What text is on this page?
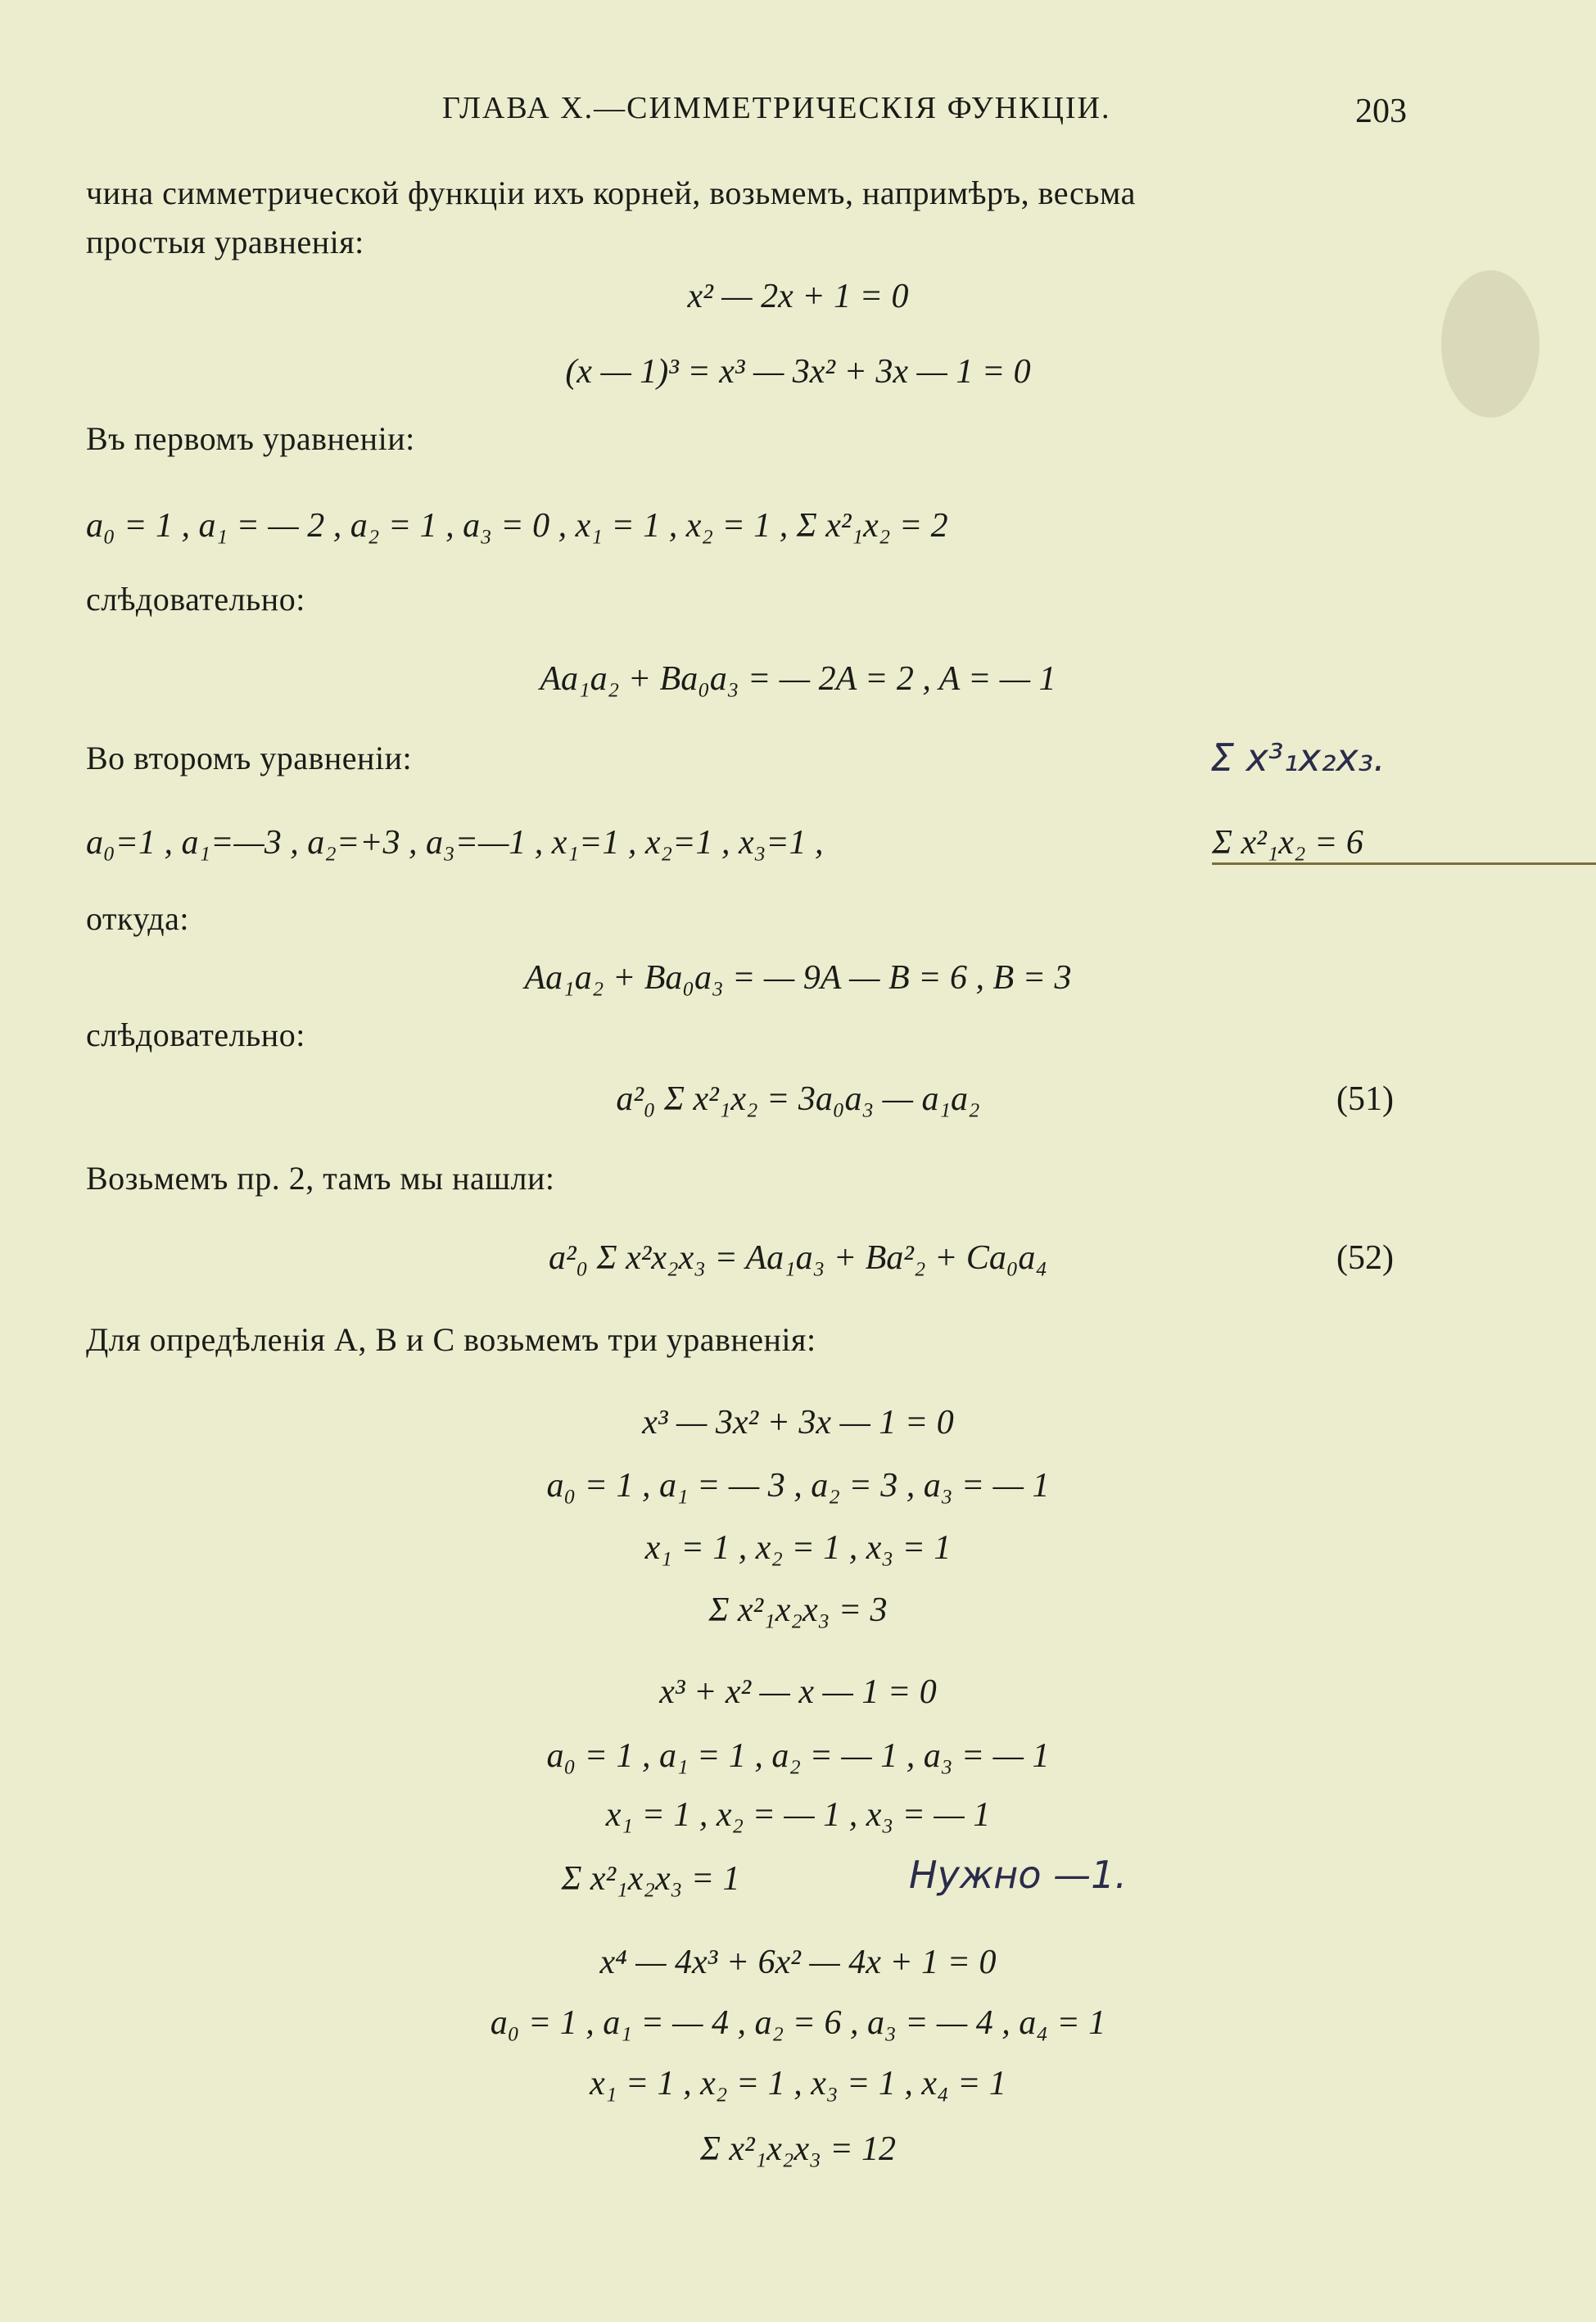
ГЛАВА X.—СИММЕТРИЧЕСКІЯ ФУНКЦІИ.	203
чина симметрической функціи ихъ корней, возьмемъ, напримѣръ, весьма
простыя уравненія:
x² — 2x + 1 = 0
(x — 1)³ = x³ — 3x² + 3x — 1 = 0
Въ первомъ уравненіи:
a₀ = 1 , a₁ = — 2 , a₂ = 1 , a₃ = 0 , x₁ = 1 , x₂ = 1 , Σ x²₁x₂ = 2
слѣдовательно:
Aa₁a₂ + Ba₀a₃ = — 2A = 2 , A = — 1
Во второмъ уравненіи:	Σ x³₁x₂x₃.
a₀=1 , a₁=—3 , a₂=+3 , a₃=—1 , x₁=1 , x₂=1 , x₃=1 ,	Σ x²₁x₂ = 6
откуда:
Aa₁a₂ + Ba₀a₃ = — 9A — B = 6 , B = 3
слѣдовательно:
a²₀ Σ x²₁x₂ = 3a₀a₃ — a₁a₂	(51)
Возьмемъ пр. 2, тамъ мы нашли:
a²₀ Σ x²x₂x₃ = Aa₁a₃ + Ba²₂ + Ca₀a₄	(52)
Для опредѣленія A, B и C возьмемъ три уравненія:
x³ — 3x² + 3x — 1 = 0
a₀ = 1 , a₁ = — 3 , a₂ = 3 , a₃ = — 1
x₁ = 1 , x₂ = 1 , x₃ = 1
Σ x²₁x₂x₃ = 3
x³ + x² — x — 1 = 0
a₀ = 1 , a₁ = 1 , a₂ = — 1 , a₃ = — 1
x₁ = 1 , x₂ = — 1 , x₃ = — 1
Σ x²₁x₂x₃ = 1	Нужно —1.
x⁴ — 4x³ + 6x² — 4x + 1 = 0
a₀ = 1 , a₁ = — 4 , a₂ = 6 , a₃ = — 4 , a₄ = 1
x₁ = 1 , x₂ = 1 , x₃ = 1 , x₄ = 1
Σ x²₁x₂x₃ = 12
